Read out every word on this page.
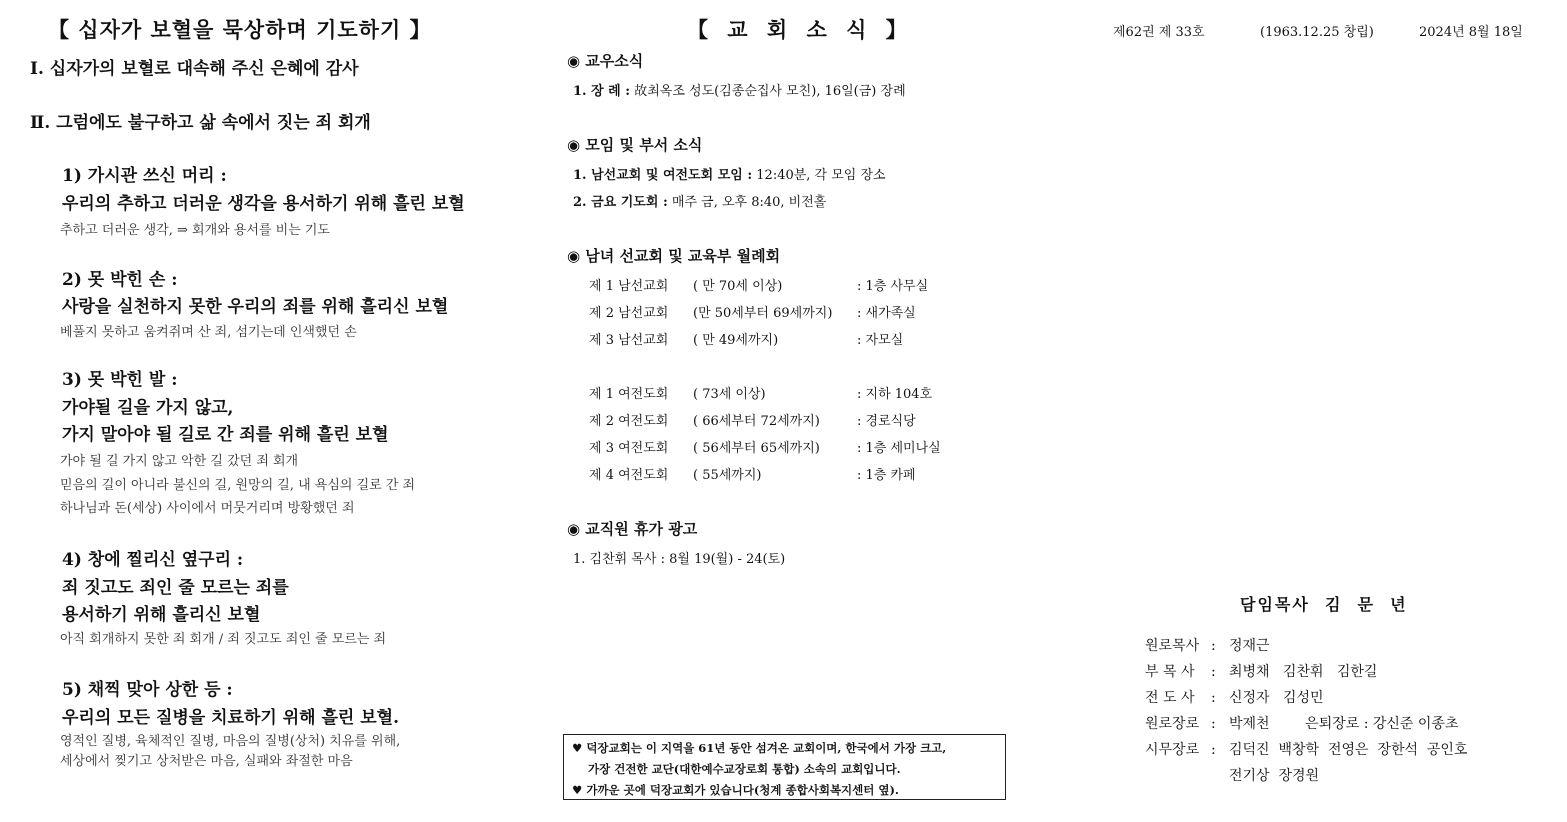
【 십자가 보혈을 묵상하며 기도하기 】
Ⅰ. 십자가의 보혈로 대속해 주신 은혜에 감사
Ⅱ. 그럼에도 불구하고 삶 속에서 짓는 죄 회개
1) 가시관 쓰신 머리 :
우리의 추하고 더러운 생각을 용서하기 위해 흘린 보혈
추하고 더러운 생각, ⇒ 회개와 용서를 비는 기도
2) 못 박힌 손 :
사랑을 실천하지 못한 우리의 죄를 위해 흘리신 보혈
베풀지 못하고 움켜쥐며 산 죄, 섬기는데 인색했던 손
3) 못 박힌 발 :
가야될 길을 가지 않고,
가지 말아야 될 길로 간 죄를 위해 흘린 보혈
가야 될 길 가지 않고 악한 길 갔던 죄 회개
믿음의 길이 아니라 불신의 길, 원망의 길, 내 욕심의 길로 간 죄
하나님과 돈(세상) 사이에서 머뭇거리며 방황했던 죄
4) 창에 찔리신 옆구리 :
죄 짓고도 죄인 줄 모르는 죄를
용서하기 위해 흘리신 보혈
아직 회개하지 못한 죄 회개 / 죄 짓고도 죄인 줄 모르는 죄
5) 채찍 맞아 상한 등 :
우리의 모든 질병을 치료하기 위해 흘린 보혈.
영적인 질병, 육체적인 질병, 마음의 질병(상처) 치유를 위해,
세상에서 찢기고 상처받은 마음, 실패와 좌절한 마음
【 교 회 소 식 】
◉ 교우소식
1. 장 례 : 故최옥조 성도(김종순집사 모친), 16일(금) 장례
◉ 모임 및 부서 소식
1. 남선교회 및 여전도회 모임 : 12:40분, 각 모임 장소
2. 금요 기도회 : 매주 금, 오후 8:40, 비전홀
◉ 남녀 선교회 및 교육부 월례회
제 1 남선교회 ( 만 70세 이상)	: 1층 사무실
제 2 남선교회 (만 50세부터 69세까지) : 새가족실
제 3 남선교회 ( 만 49세까지)	: 자모실
제 1 여전도회 ( 73세 이상)	: 지하 104호
제 2 여전도회 ( 66세부터 72세까지)	: 경로식당
제 3 여전도회 ( 56세부터 65세까지)	: 1층 세미나실
제 4 여전도회 ( 55세까지)	: 1층 카페
◉ 교직원 휴가 광고
1. 김찬휘 목사 : 8월 19(월) - 24(토)
♥ 덕장교회는 이 지역을 61년 동안 섬겨온 교회이며, 한국에서 가장 크고,
가장 건전한 교단(대한예수교장로회 통합) 소속의 교회입니다.
♥ 가까운 곳에 덕장교회가 있습니다(청계 종합사회복지센터 옆).
제62권 제 33호	(1963.12.25 창립)	2024년 8월 18일
담임목사  김  문  년
원로목사 : 정재근
부 목 사 : 최병채   김찬휘   김한길
전 도 사 : 신정자   김성민
원로장로 : 박제천        은퇴장로 : 강신준 이종초
시무장로 : 김덕진  백창학  전영은  장한석  공인호
전기상  장경원
